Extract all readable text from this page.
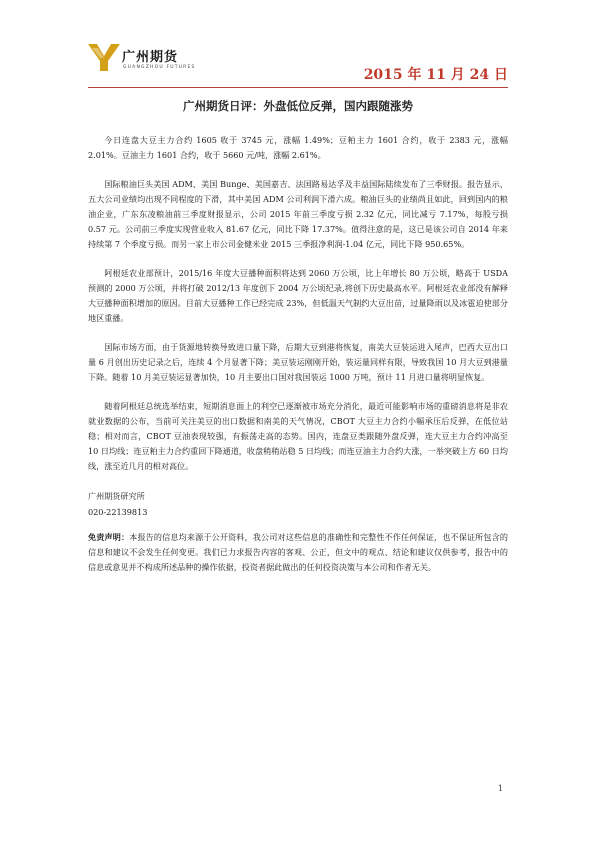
广州期货
GUANGZHOU FUTURES	2015 年 11 月 24 日
广州期货日评：外盘低位反弹，国内跟随涨势

今日连盘大豆主力合约 1605 收于 3745 元，涨幅 1.49%；豆粕主力 1601 合约，收于 2383 元，涨幅 2.01%。豆油主力 1601 合约，收于 5660 元/吨，涨幅 2.61%。

国际粮油巨头美国 ADM、美国 Bunge、美国嘉吉、法国路易达孚及丰益国际陆续发布了三季财报。报告显示，五大公司业绩均出现不同程度的下滑，其中美国 ADM 公司利润下滑六成。粮油巨头的业绩尚且如此，回到国内的粮油企业，广东东凌粮油前三季度财报显示，公司 2015 年前三季度亏损 2.32 亿元，同比减亏 7.17%，每股亏损 0.57 元。公司前三季度实现营业收入 81.67 亿元，同比下降 17.37%。值得注意的是，这已是该公司自 2014 年来持续第 7 个季度亏损。而另一家上市公司金健米业 2015 三季报净利润-1.04 亿元，同比下降 950.65%。

阿根廷农业部预计，2015/16 年度大豆播种面积将达到 2060 万公顷，比上年增长 80 万公顷，略高于 USDA 预测的 2000 万公顷，并将打破 2012/13 年度创下 2004 万公顷纪录,将创下历史最高水平。阿根廷农业部没有解释大豆播种面积增加的原因。目前大豆播种工作已经完成 23%，但低温天气制约大豆出苗，过量降雨以及冰雹迫使部分地区重播。

国际市场方面，由于货源地转换导致进口量下降，后期大豆到港将恢复，南美大豆装运进入尾声，巴西大豆出口量 6 月创出历史记录之后，连续 4 个月显著下降；美豆装运刚刚开始，装运量同样有限，导致我国 10 月大豆到港量下降。随着 10 月美豆装运显著加快，10 月主要出口国对我国装运 1000 万吨，预计 11 月进口量将明显恢复。

随着阿根廷总统选举结束，短期消息面上的利空已逐渐被市场充分消化，最近可能影响市场的重磅消息将是非农就业数据的公布，当前可关注美豆的出口数据和南美的天气情况，CBOT 大豆主力合约小幅承压后反弹，在低位站稳；相对而言，CBOT 豆油表现较强，有振荡走高的态势。国内，连盘豆类跟随外盘反弹，连大豆主力合约冲高至 10 日均线；连豆粕主力合约重回下降通道，收盘稍稍站稳 5 日均线；而连豆油主力合约大涨，一举突破上方 60 日均线，涨至近几月的相对高位。

广州期货研究所
020-22139813

免责声明：本报告的信息均来源于公开资料，我公司对这些信息的准确性和完整性不作任何保证，也不保证所包含的信息和建议不会发生任何变更。我们已力求报告内容的客观、公正，但文中的观点、结论和建议仅供参考，报告中的信息或意见并不构成所述品种的操作依据，投资者据此做出的任何投资决策与本公司和作者无关。

1
